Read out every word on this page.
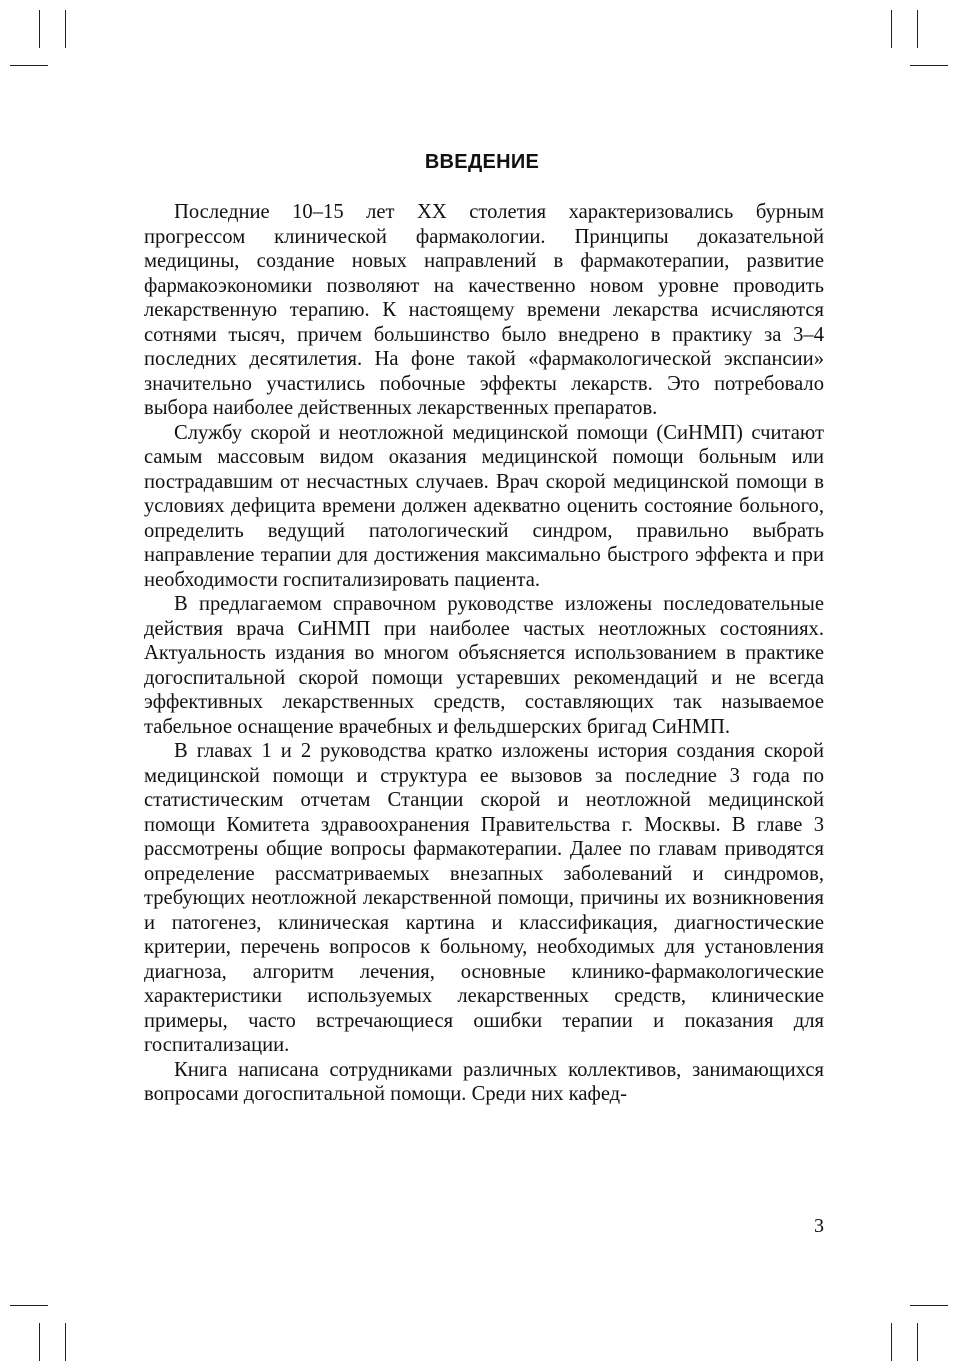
ВВЕДЕНИЕ

Последние 10–15 лет XX столетия характеризовались бурным прогрессом клинической фармакологии. Принципы доказательной медицины, создание новых направлений в фармакотерапии, развитие фармакоэкономики позволяют на качественно новом уровне проводить лекарственную терапию. К настоящему времени лекарства исчисляются сотнями тысяч, причем большинство было внедрено в практику за 3–4 последних десятилетия. На фоне такой «фармакологической экспансии» значительно участились побочные эффекты лекарств. Это потребовало выбора наиболее действенных лекарственных препаратов.

Службу скорой и неотложной медицинской помощи (СиНМП) считают самым массовым видом оказания медицинской помощи больным или пострадавшим от несчастных случаев. Врач скорой медицинской помощи в условиях дефицита времени должен адекватно оценить состояние больного, определить ведущий патологический синдром, правильно выбрать направление терапии для достижения максимально быстрого эффекта и при необходимости госпитализировать пациента.

В предлагаемом справочном руководстве изложены последовательные действия врача СиНМП при наиболее частых неотложных состояниях. Актуальность издания во многом объясняется использованием в практике догоспитальной скорой помощи устаревших рекомендаций и не всегда эффективных лекарственных средств, составляющих так называемое табельное оснащение врачебных и фельдшерских бригад СиНМП.

В главах 1 и 2 руководства кратко изложены история создания скорой медицинской помощи и структура ее вызовов за последние 3 года по статистическим отчетам Станции скорой и неотложной медицинской помощи Комитета здравоохранения Правительства г. Москвы. В главе 3 рассмотрены общие вопросы фармакотерапии. Далее по главам приводятся определение рассматриваемых внезапных заболеваний и синдромов, требующих неотложной лекарственной помощи, причины их возникновения и патогенез, клиническая картина и классификация, диагностические критерии, перечень вопросов к больному, необходимых для установления диагноза, алгоритм лечения, основные клинико-фармакологические характеристики используемых лекарственных средств, клинические примеры, часто встречающиеся ошибки терапии и показания для госпитализации.

Книга написана сотрудниками различных коллективов, занимающихся вопросами догоспитальной помощи. Среди них кафед-

3
